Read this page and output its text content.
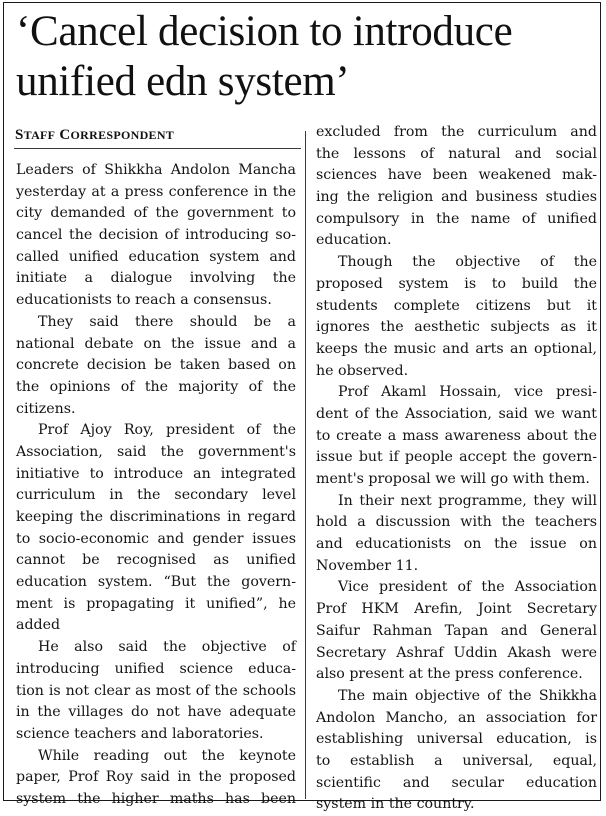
‘Cancel decision to introduce
unified edn system’
STAFF CORRESPONDENT
Leaders of Shikkha Andolon Mancha
yesterday at a press conference in the
city demanded of the government to
cancel the decision of introducing so-
called unified education system and
initiate a dialogue involving the
educationists to reach a consensus.
They said there should be a
national debate on the issue and a
concrete decision be taken based on
the opinions of the majority of the
citizens.
Prof Ajoy Roy, president of the
Association, said the government's
initiative to introduce an integrated
curriculum in the secondary level
keeping the discriminations in regard
to socio-economic and gender issues
cannot be recognised as unified
education system. “But the govern-
ment is propagating it unified”, he
added
He also said the objective of
introducing unified science educa-
tion is not clear as most of the schools
in the villages do not have adequate
science teachers and laboratories.
While reading out the keynote
paper, Prof Roy said in the proposed
system the higher maths has been
excluded from the curriculum and
the lessons of natural and social
sciences have been weakened mak-
ing the religion and business studies
compulsory in the name of unified
education.
Though the objective of the
proposed system is to build the
students complete citizens but it
ignores the aesthetic subjects as it
keeps the music and arts an optional,
he observed.
Prof Akaml Hossain, vice presi-
dent of the Association, said we want
to create a mass awareness about the
issue but if people accept the govern-
ment's proposal we will go with them.
In their next programme, they will
hold a discussion with the teachers
and educationists on the issue on
November 11.
Vice president of the Association
Prof HKM Arefin, Joint Secretary
Saifur Rahman Tapan and General
Secretary Ashraf Uddin Akash were
also present at the press conference.
The main objective of the Shikkha
Andolon Mancho, an association for
establishing universal education, is
to establish a universal, equal,
scientific and secular education
system in the country.
